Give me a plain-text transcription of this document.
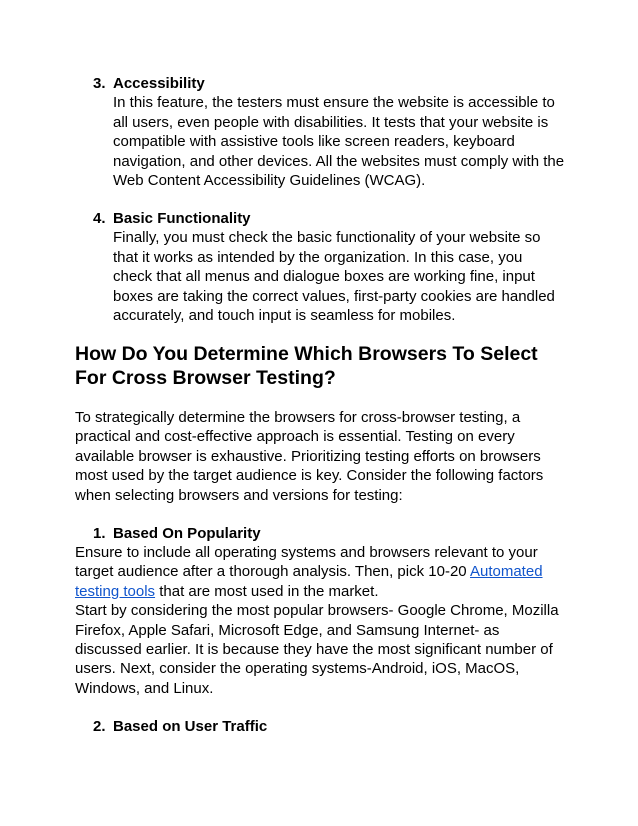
3. Accessibility

In this feature, the testers must ensure the website is accessible to all users, even people with disabilities. It tests that your website is compatible with assistive tools like screen readers, keyboard navigation, and other devices. All the websites must comply with the Web Content Accessibility Guidelines (WCAG).

4. Basic Functionality

Finally, you must check the basic functionality of your website so that it works as intended by the organization. In this case, you check that all menus and dialogue boxes are working fine, input boxes are taking the correct values, first-party cookies are handled accurately, and touch input is seamless for mobiles.

How Do You Determine Which Browsers To Select For Cross Browser Testing?

To strategically determine the browsers for cross-browser testing, a practical and cost-effective approach is essential. Testing on every available browser is exhaustive. Prioritizing testing efforts on browsers most used by the target audience is key. Consider the following factors when selecting browsers and versions for testing:

1. Based On Popularity

Ensure to include all operating systems and browsers relevant to your target audience after a thorough analysis. Then, pick 10-20 Automated testing tools that are most used in the market.

Start by considering the most popular browsers- Google Chrome, Mozilla Firefox, Apple Safari, Microsoft Edge, and Samsung Internet- as discussed earlier. It is because they have the most significant number of users. Next, consider the operating systems-Android, iOS, MacOS, Windows, and Linux.

2. Based on User Traffic
